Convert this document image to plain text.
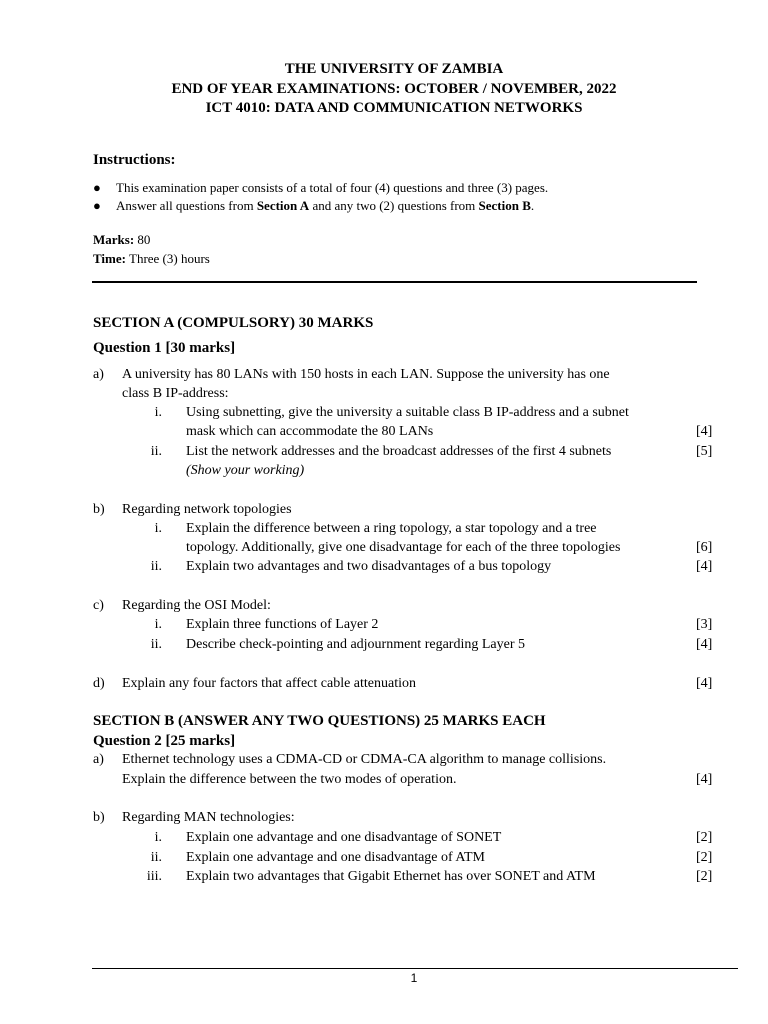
THE UNIVERSITY OF ZAMBIA
END OF YEAR EXAMINATIONS: OCTOBER / NOVEMBER, 2022
ICT 4010: DATA AND COMMUNICATION NETWORKS
Instructions:
● This examination paper consists of a total of four (4) questions and three (3) pages.
● Answer all questions from Section A and any two (2) questions from Section B.
Marks: 80
Time: Three (3) hours
SECTION A (COMPULSORY) 30 MARKS
Question 1 [30 marks]
a) A university has 80 LANs with 150 hosts in each LAN. Suppose the university has one
class B IP-address:
i. Using subnetting, give the university a suitable class B IP-address and a subnet
mask which can accommodate the 80 LANs	[4]
ii. List the network addresses and the broadcast addresses of the first 4 subnets	[5]
(Show your working)
b) Regarding network topologies
i. Explain the difference between a ring topology, a star topology and a tree
topology. Additionally, give one disadvantage for each of the three topologies	[6]
ii. Explain two advantages and two disadvantages of a bus topology	[4]
c) Regarding the OSI Model:
i. Explain three functions of Layer 2	[3]
ii. Describe check-pointing and adjournment regarding Layer 5	[4]
d) Explain any four factors that affect cable attenuation	[4]
SECTION B (ANSWER ANY TWO QUESTIONS) 25 MARKS EACH
Question 2 [25 marks]
a) Ethernet technology uses a CDMA-CD or CDMA-CA algorithm to manage collisions.
Explain the difference between the two modes of operation.	[4]
b) Regarding MAN technologies:
i. Explain one advantage and one disadvantage of SONET	[2]
ii. Explain one advantage and one disadvantage of ATM	[2]
iii. Explain two advantages that Gigabit Ethernet has over SONET and ATM	[2]
1
